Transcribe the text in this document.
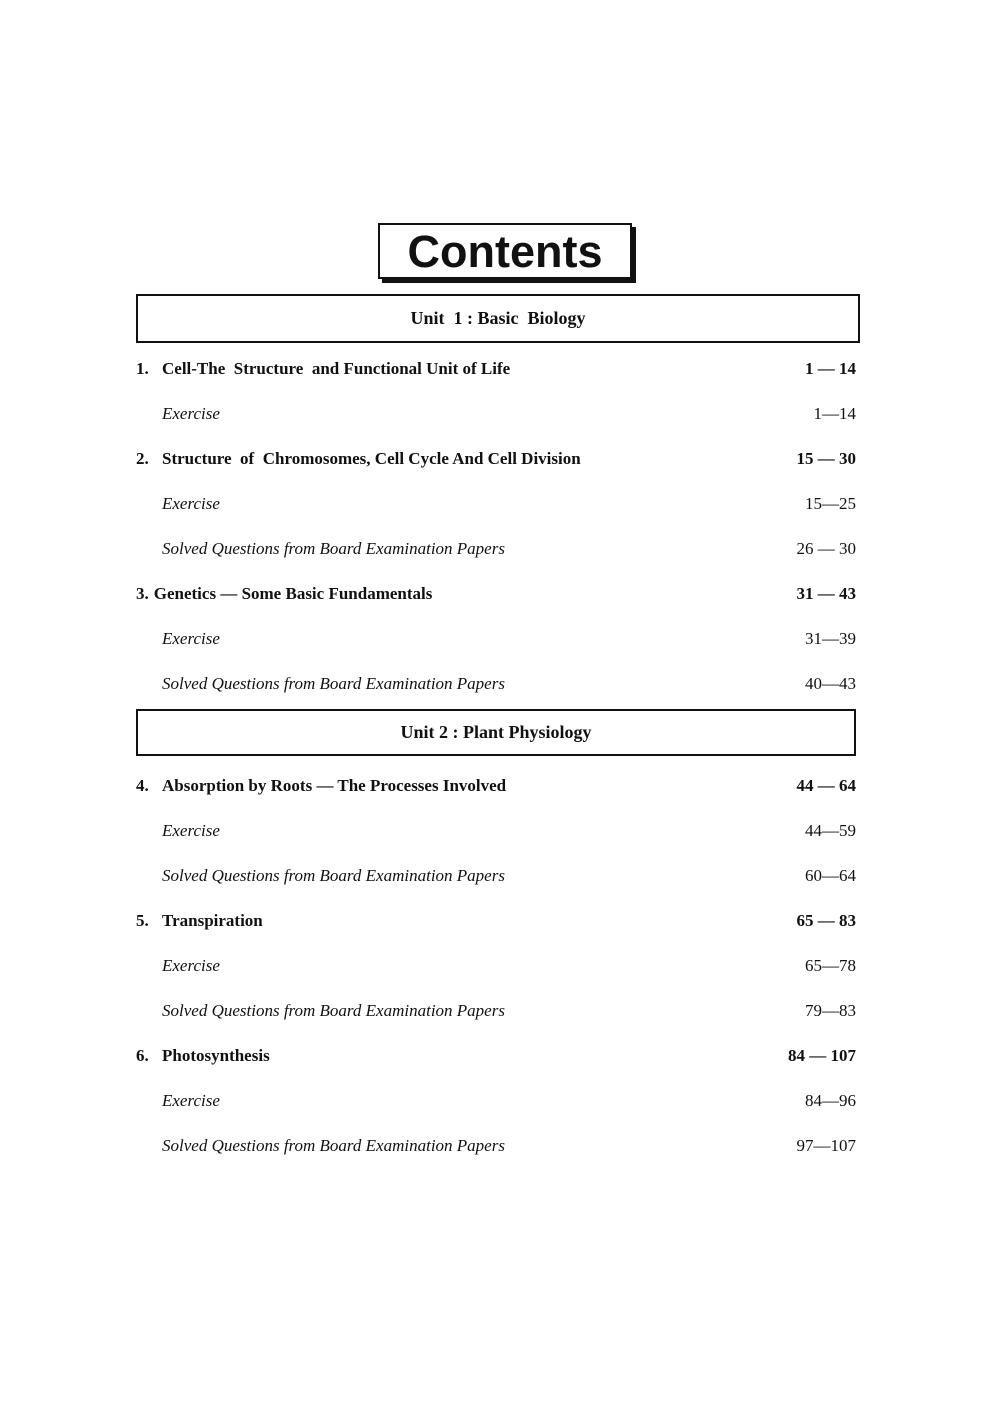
Contents
Unit  1 : Basic  Biology
1. Cell-The  Structure  and Functional Unit of Life	1 — 14
Exercise	1—14
2. Structure  of  Chromosomes, Cell Cycle And Cell Division	15 — 30
Exercise	15—25
Solved Questions from Board Examination Papers	26 — 30
3. Genetics — Some Basic Fundamentals	31 — 43
Exercise	31—39
Solved Questions from Board Examination Papers	40—43
Unit 2 : Plant Physiology
4. Absorption by Roots — The Processes Involved	44 — 64
Exercise	44—59
Solved Questions from Board Examination Papers	60—64
5. Transpiration	65 — 83
Exercise	65—78
Solved Questions from Board Examination Papers	79—83
6. Photosynthesis	84 — 107
Exercise	84—96
Solved Questions from Board Examination Papers	97—107
